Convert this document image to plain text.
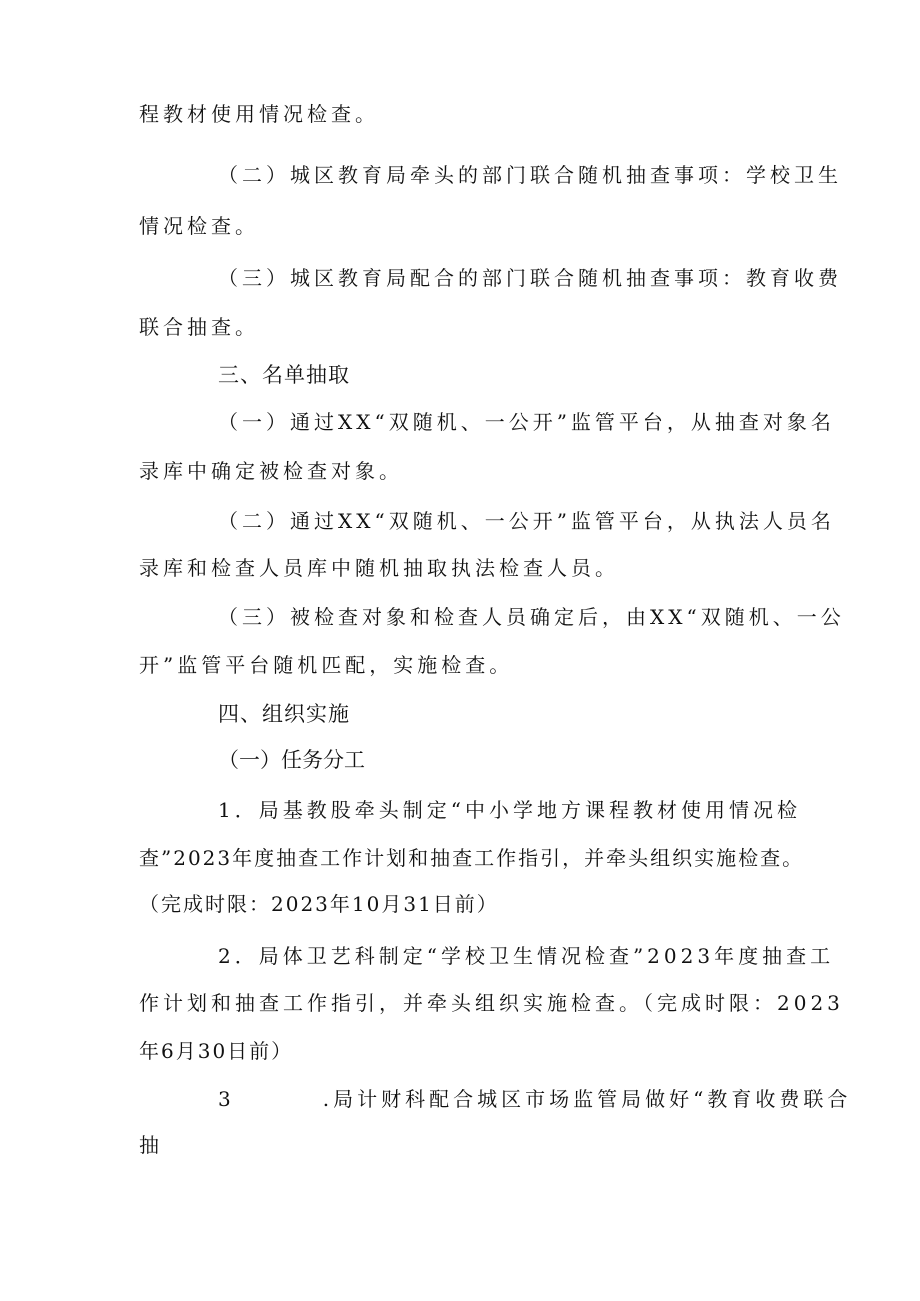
程教材使用情况检查。
（二）城区教育局牵头的部门联合随机抽查事项：学校卫生
情况检查。
（三）城区教育局配合的部门联合随机抽查事项：教育收费
联合抽查。
三、名单抽取
（一）通过XX“双随机、一公开”监管平台，从抽查对象名
录库中确定被检查对象。
（二）通过XX“双随机、一公开”监管平台，从执法人员名
录库和检查人员库中随机抽取执法检查人员。
（三）被检查对象和检查人员确定后，由XX“双随机、一公
开”监管平台随机匹配，实施检查。
四、组织实施
（一）任务分工
1．局基教股牵头制定“中小学地方课程教材使用情况检
查”2023年度抽查工作计划和抽查工作指引，并牵头组织实施检查。
（完成时限：2023年10月31日前）
2．局体卫艺科制定“学校卫生情况检查”2023年度抽查工
作计划和抽查工作指引，并牵头组织实施检查。（完成时限：2023
年6月30日前）
3	.局计财科配合城区市场监管局做好“教育收费联合
抽
